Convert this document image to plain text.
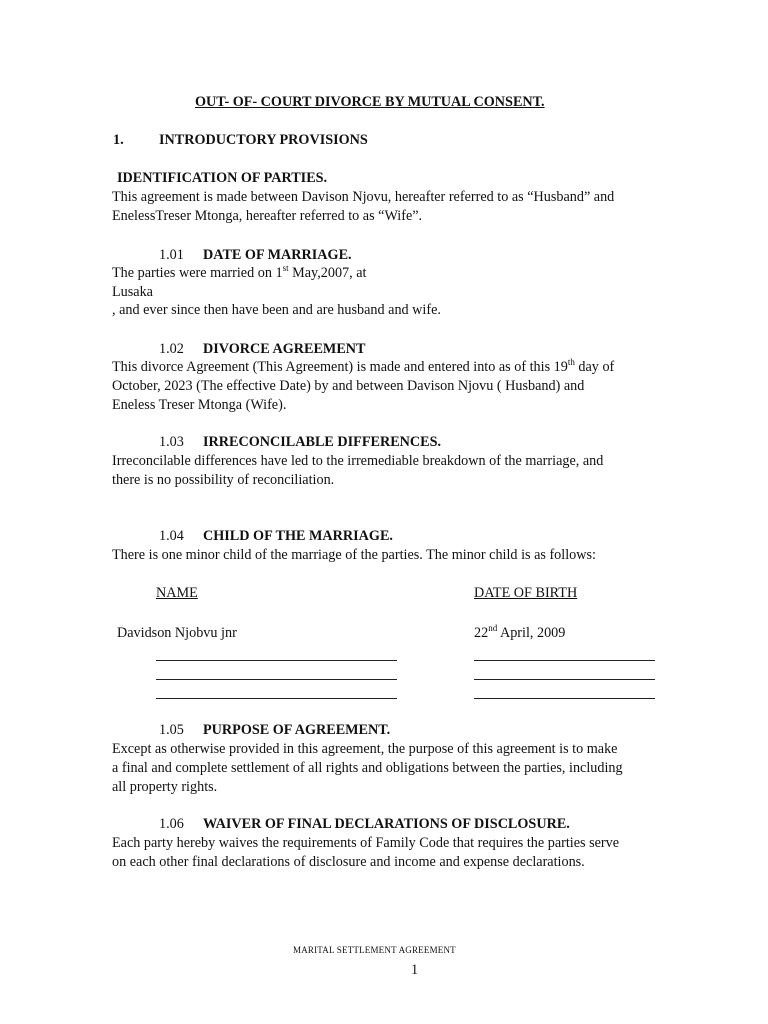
OUT- OF- COURT DIVORCE BY MUTUAL CONSENT.
1. INTRODUCTORY PROVISIONS
IDENTIFICATION OF PARTIES.
This agreement is made between Davison Njovu, hereafter referred to as “Husband” and
EnelessTreser Mtonga, hereafter referred to as “Wife”.
1.01 DATE OF MARRIAGE.
The parties were married on 1st May,2007, at
Lusaka
, and ever since then have been and are husband and wife.
1.02 DIVORCE AGREEMENT
This divorce Agreement (This Agreement) is made and entered into as of this 19th day of
October, 2023 (The effective Date) by and between Davison Njovu ( Husband) and
Eneless Treser Mtonga (Wife).
1.03 IRRECONCILABLE DIFFERENCES.
Irreconcilable differences have led to the irremediable breakdown of the marriage, and
there is no possibility of reconciliation.
1.04 CHILD OF THE MARRIAGE.
There is one minor child of the marriage of the parties. The minor child is as follows:
NAME	DATE OF BIRTH
Davidson Njobvu jnr	22nd April, 2009
1.05 PURPOSE OF AGREEMENT.
Except as otherwise provided in this agreement, the purpose of this agreement is to make
a final and complete settlement of all rights and obligations between the parties, including
all property rights.
1.06 WAIVER OF FINAL DECLARATIONS OF DISCLOSURE.
Each party hereby waives the requirements of Family Code that requires the parties serve
on each other final declarations of disclosure and income and expense declarations.
MARITAL SETTLEMENT AGREEMENT
1
